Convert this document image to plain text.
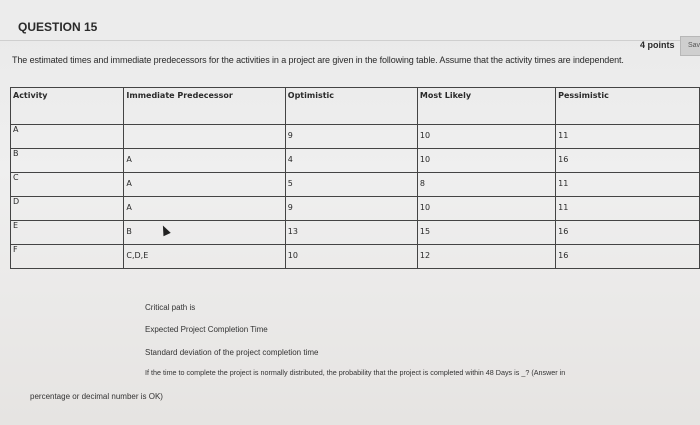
QUESTION 15
4 points	Sav
The estimated times and immediate predecessors for the activities in a project are given in the following table. Assume that the activity times are independent.
Activity	Immediate Predecessor	Optimistic	Most Likely	Pessimistic
A		9	10	11
B	A	4	10	16
C	A	5	8	11
D	A	9	10	11
E	B	13	15	16
F	C,D,E	10	12	16
Critical path is
Expected Project Completion Time
Standard deviation of the project completion time
If the time to complete the project is normally distributed, the probability that the project is completed within 48 Days is _? (Answer in
percentage or decimal number is OK)
